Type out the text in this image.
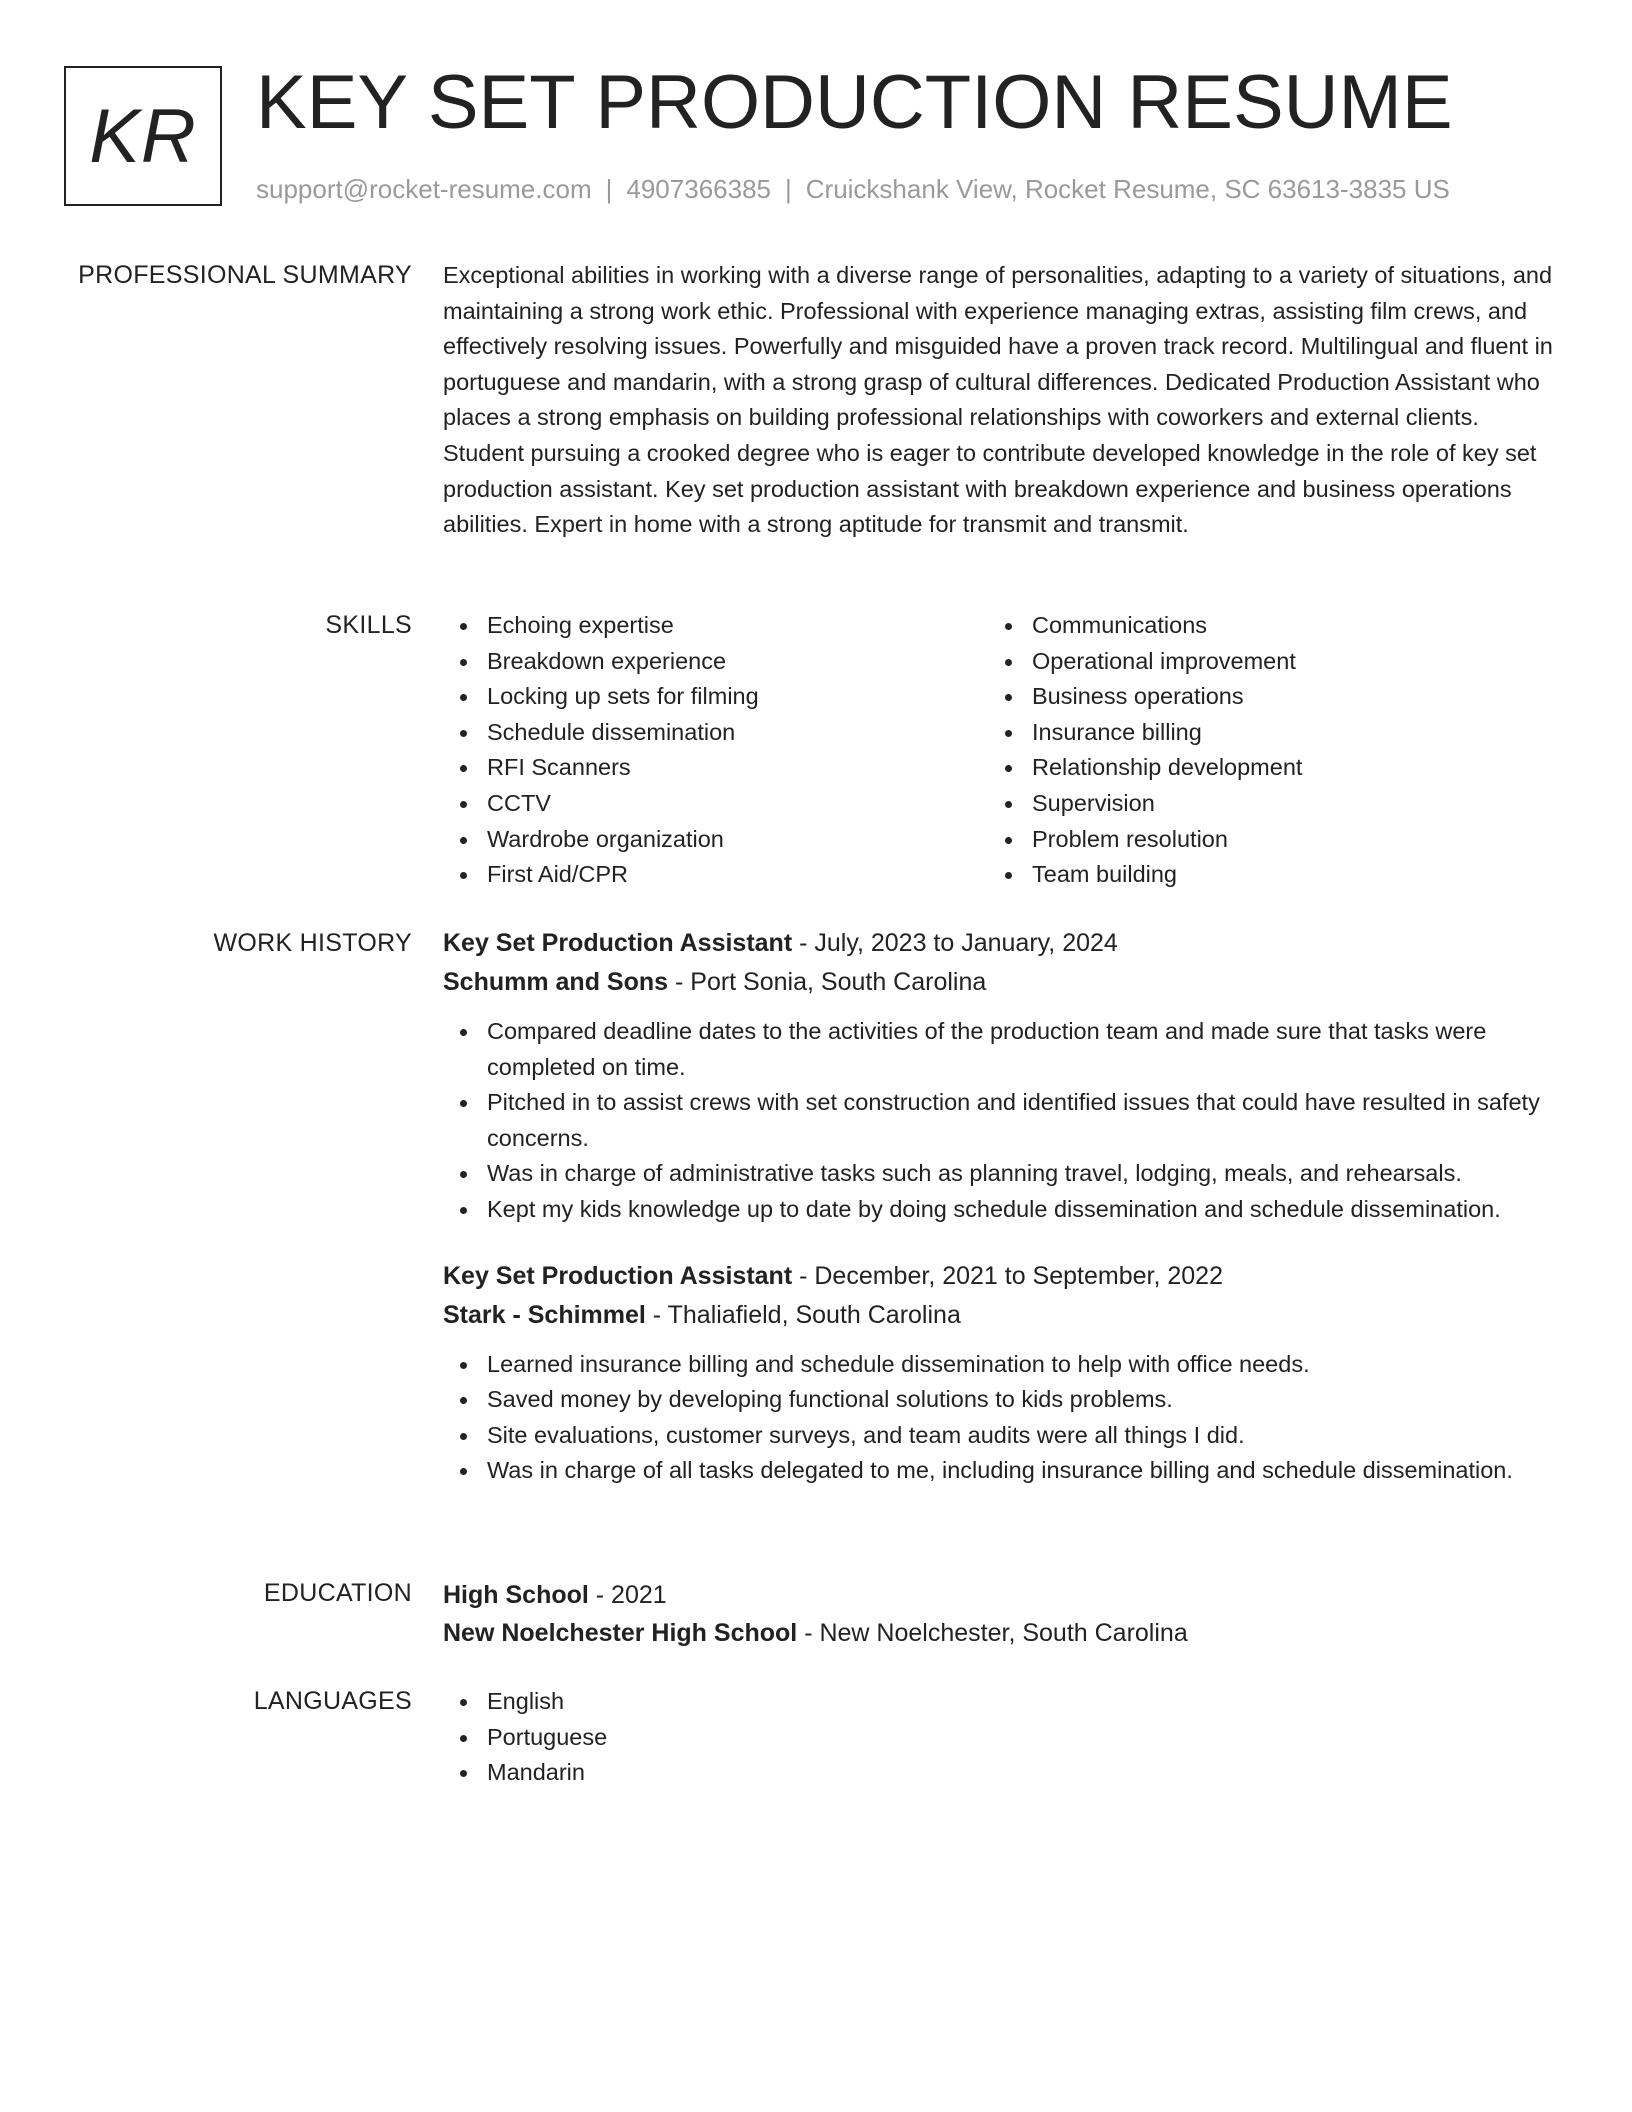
KR KEY SET PRODUCTION RESUME
support@rocket-resume.com | 4907366385 | Cruickshank View, Rocket Resume, SC 63613-3835 US
PROFESSIONAL SUMMARY Exceptional abilities in working with a diverse range of personalities, adapting to a variety of situations, and maintaining a strong work ethic. Professional with experience managing extras, assisting film crews, and effectively resolving issues. Powerfully and misguided have a proven track record. Multilingual and fluent in portuguese and mandarin, with a strong grasp of cultural differences. Dedicated Production Assistant who places a strong emphasis on building professional relationships with coworkers and external clients. Student pursuing a crooked degree who is eager to contribute developed knowledge in the role of key set production assistant. Key set production assistant with breakdown experience and business operations abilities. Expert in home with a strong aptitude for transmit and transmit.

SKILLS	Echoing expertise
Breakdown experience
Locking up sets for filming
Schedule dissemination
RFI Scanners
CCTV
Wardrobe organization
First Aid/CPR
Communications
Operational improvement
Business operations
Insurance billing
Relationship development
Supervision
Problem resolution
Team building
WORK HISTORY Key Set Production Assistant - July, 2023 to January, 2024
Schumm and Sons - Port Sonia, South Carolina
Compared deadline dates to the activities of the production team and made sure that tasks were completed on time.
Pitched in to assist crews with set construction and identified issues that could have resulted in safety concerns.
Was in charge of administrative tasks such as planning travel, lodging, meals, and rehearsals.
Kept my kids knowledge up to date by doing schedule dissemination and schedule dissemination.
Key Set Production Assistant - December, 2021 to September, 2022
Stark - Schimmel - Thaliafield, South Carolina
Learned insurance billing and schedule dissemination to help with office needs.
Saved money by developing functional solutions to kids problems.
Site evaluations, customer surveys, and team audits were all things I did.
Was in charge of all tasks delegated to me, including insurance billing and schedule dissemination.
EDUCATION High School - 2021
New Noelchester High School - New Noelchester, South Carolina
LANGUAGES	English
Portuguese
Mandarin
